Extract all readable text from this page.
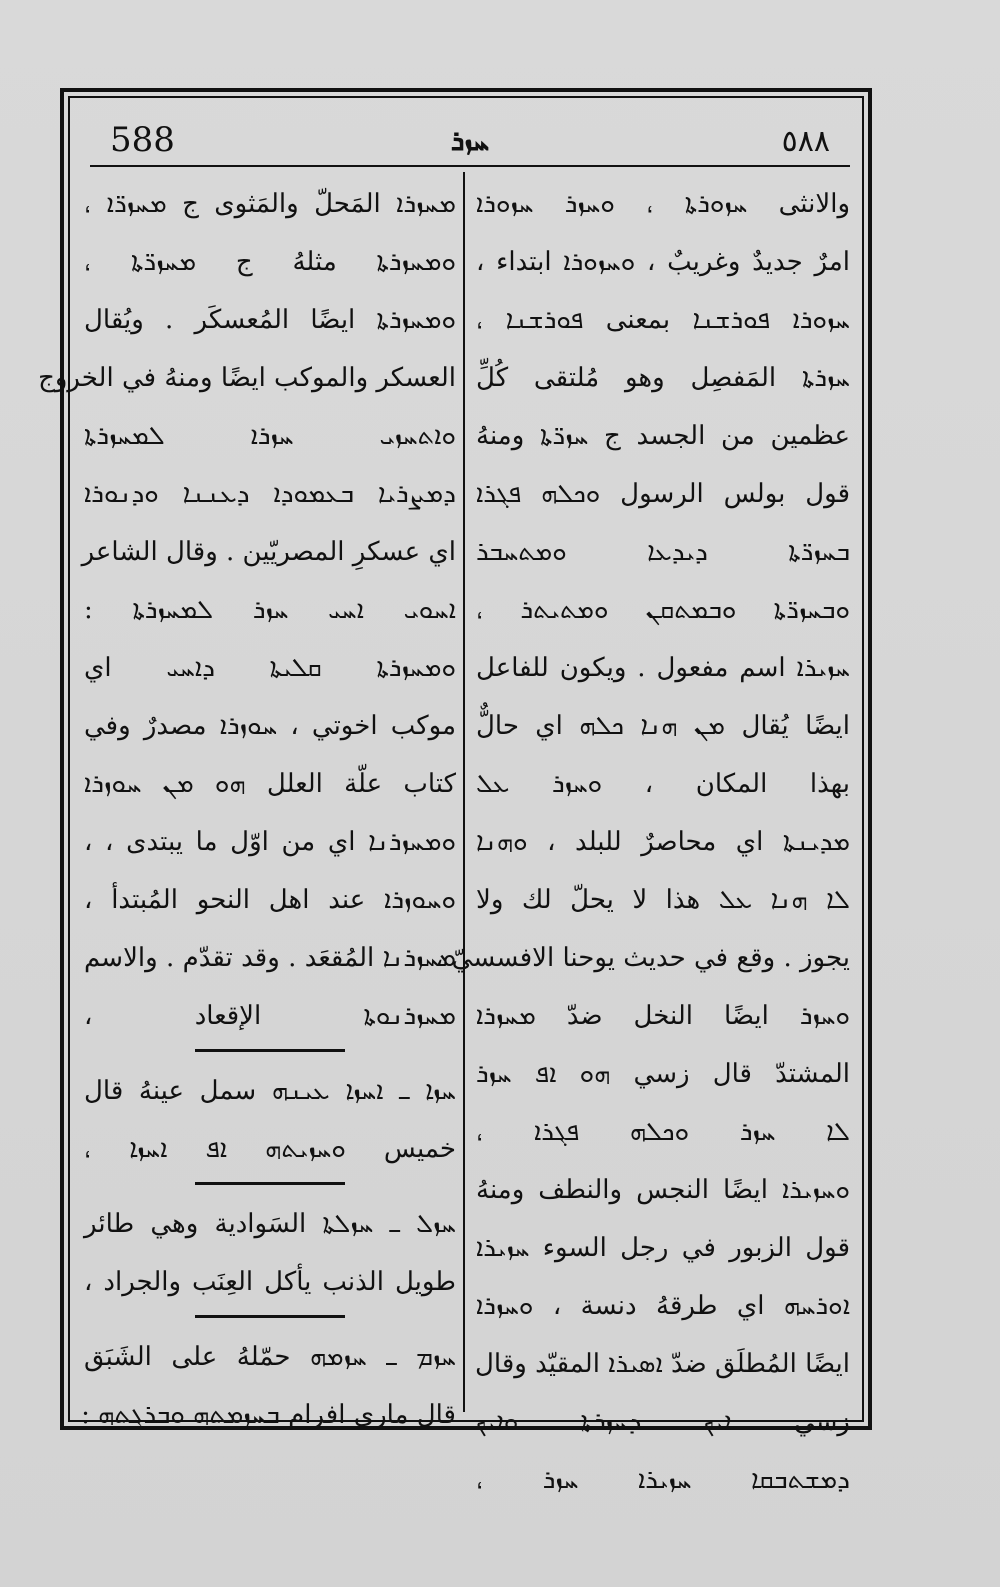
588	ܚܙܪ	٥٨٨
والانثى ܚܙܘܪܬܐ ، ܘܚܙܪ ܚܙܘܪܐ
امرٌ جديدٌ وغريبٌ ، ܘܚܙܘܪܐ ابتداء ،
ܚܙܘܪܐ ܦܘܪܫܢܐ بمعنى ܦܘܪܫܢܐ ،
ܚܙܪܬܐ المَفصِل وهو مُلتقى كُلِّ
عظمين من الجسد ج ܚܙܪ̈ܬܐ ومنهُ
قول بولس الرسول ܘܟܠܗ ܦܓܪܐ
ܒܚܙܪ̈ܬܐ ܕܝܕܥܐ ܘܡܬܚܒܪ
ܘܒܚܙܪ̈ܬܐ ܘܒܡܬܩܢ ܘܡܬܝܬܪ ،
ܚܙܝܪܐ اسم مفعول . ويكون للفاعل
ايضًا يُقال ܡܢ ܗܢܐ ܟܠܗ اي حالٌّ
بهذا المكان ، ܘܚܙܪ ܥܠ
ܡܕܝܢܬܐ اي محاصرٌ للبلد ، ܘܗܢܐ
ܠܐ ܗܢܐ ܥܠ هذا لا يحلّ لك ولا
يجوز . وقع في حديث يوحنا الافسسيّ ،
ܘܚܙܪ ايضًا النخل ضدّ ܡܚܙܪܐ
المشتدّ قال زسي ܗܘ ܐܦ ܚܙܪ
ܠܐ ܚܙܪ ܘܟܠܗ ܦܓܪܐ ،
ܘܚܙܝܪܐ ايضًا النجس والنطف ومنهُ
قول الزبور في رجل السوء ܚܙܝܪܐ
ܐܘܪܚܗ اي طرقهُ دنسة ، ܘܚܙܪܐ
ايضًا المُطلَق ضدّ ܐܣܝܪܐ المقيّد وقال
زسي ܐܝܟ ܕܚܙܪܬܐ ܘܐܝܟ
ܕܡܫܬܒܩܐ ܚܙܝܪܐ ܚܙܪ ،
ܡܚܙܪܐ المَحلّ والمَثوى ج ܡܚܙܪ̈ܐ ،
ܘܡܚܙܪܬܐ مثلهُ ج ܡܚܙܪ̈ܬܐ ،
ܘܡܚܙܪܬܐ ايضًا المُعسكَر . ويُقال
العسكر والموكب ايضًا ومنهُ في الخروج
ܘܐܬܚܙܝ ܚܙܪܐ ܠܡܚܙܪܬܐ
ܕܡܨܪܝܐ ܒܥܡܘܕܐ ܕܥܢܢܐ ܘܕܢܘܪܐ
اي عسكرِ المصريّين . وقال الشاعر
ܐܚܘܝ ܐܚܝ ܚܙܪ ܠܡܚܙܪܬܐ :
ܘܡܚܙܪܬܐ ܩܠܝܬܐ ܕܐܚܝ اي
موكب اخوتي ، ܚܘܙܪܐ مصدرٌ وفي
كتاب علّة العلل ܗܘ ܡܢ ܚܘܙܪܐ
ܘܡܚܙܪܢܐ اي من اوّل ما يبتدى ، ،
ܘܚܘܙܪܐ عند اهل النحو المُبتدأ ،
ܡܚܙܪܢܐ المُقعَد . وقد تقدّم . والاسم
ܡܚܙܪܢܘܬܐ الإقعاد ،
ܚܙܐ ـ ܐܚܙܐ ܥܝܢܗ سمل عينهُ قال
خميس ܘܚܙܝܬܗ ܐܦ ܐܚܙܐ ،
ܚܙܠ ـ ܚܙܠܬܐ السَوادية وهي طائر
طويل الذنب يأكل العِنَب والجراد ،
ܚܙܡ ـ ܚܙܡܗ حمّلهُ على الشَبَق
قال ماري افرام ܒܚܙܡܬܗ ܘܒܪܓܬܗ :
